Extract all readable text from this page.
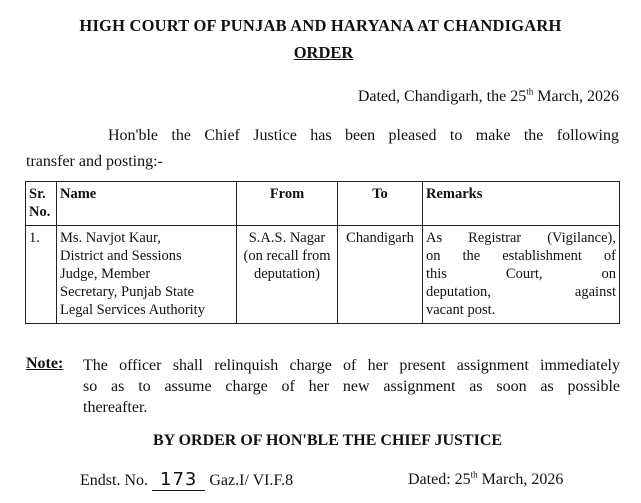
HIGH COURT OF PUNJAB AND HARYANA AT CHANDIGARH
ORDER
Dated, Chandigarh, the 25th March, 2026
Hon'ble the Chief Justice has been pleased to make the following
transfer and posting:-
Sr.
No.	Name	From	To	Remarks
1.	Ms. Navjot Kaur,
District and Sessions
Judge, Member
Secretary, Punjab State
Legal Services Authority	S.A.S. Nagar
(on recall from
deputation)	Chandigarh	As Registrar (Vigilance),
on the establishment of
this Court, on
deputation, against
vacant post.
Note: The officer shall relinquish charge of her present assignment immediately
so as to assume charge of her new assignment as soon as possible
thereafter.
BY ORDER OF HON'BLE THE CHIEF JUSTICE
Endst. No. 173 Gaz.I/ VI.F.8	Dated: 25th March, 2026
